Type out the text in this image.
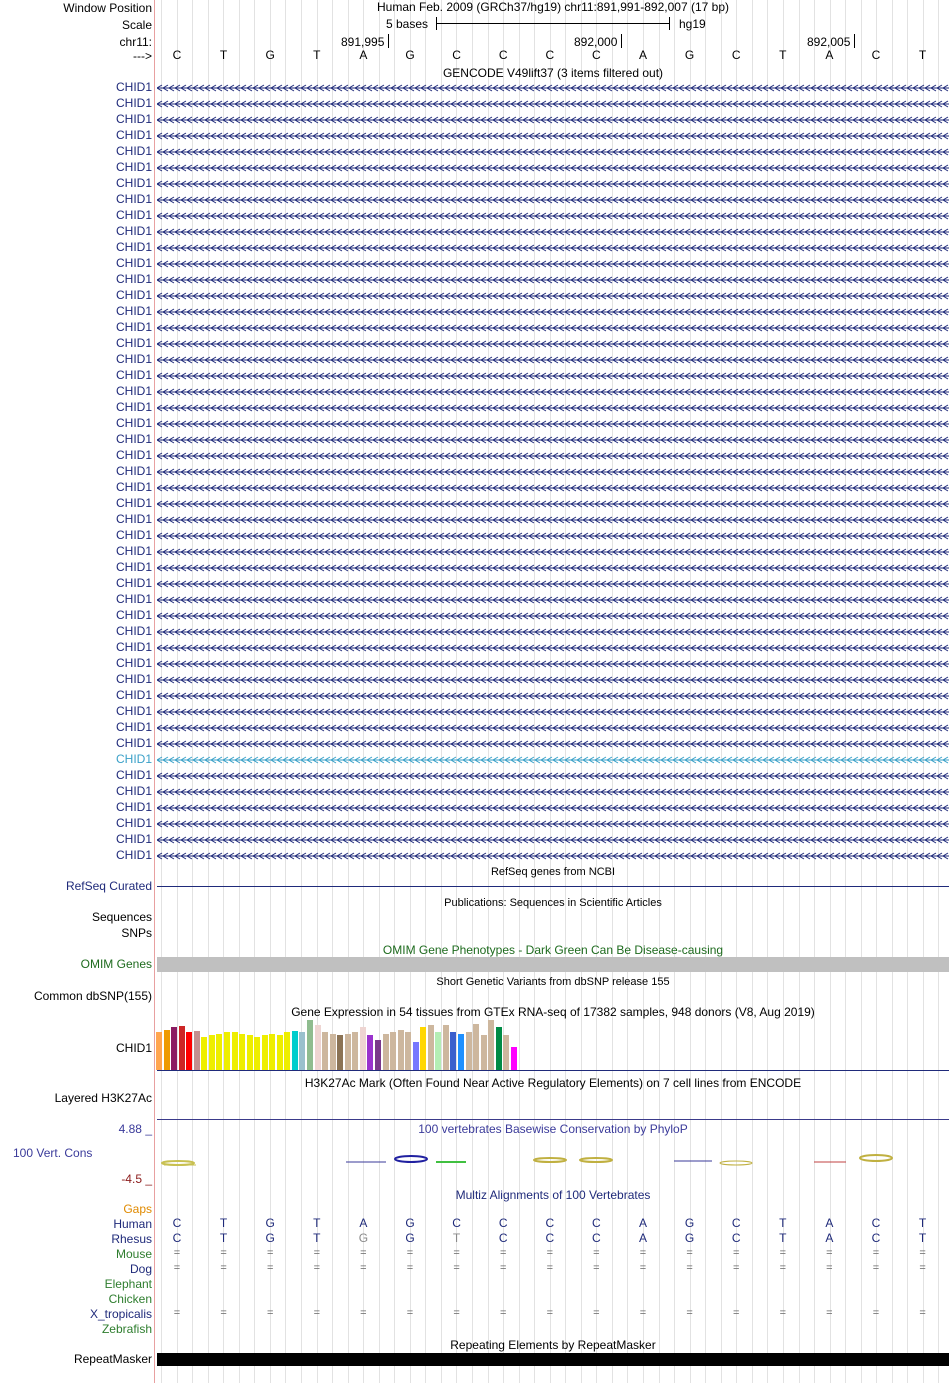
Window Position	Human Feb. 2009 (GRCh37/hg19) chr11:891,991-892,007 (17 bp)
Scale	5 bases	hg19
chr11:	891,995	892,000	892,005
--->	C	T	G	T	A	G	C	C	C	C	A	G	C	T	A	C	T
GENCODE V49lift37 (3 items filtered out)
CHID1
CHID1
CHID1
CHID1
CHID1
CHID1
CHID1
CHID1
CHID1
CHID1
CHID1
CHID1
CHID1
CHID1
CHID1
CHID1
CHID1
CHID1
CHID1
CHID1
CHID1
CHID1
CHID1
CHID1
CHID1
CHID1
CHID1
CHID1
CHID1
CHID1
CHID1
CHID1
CHID1
CHID1
CHID1
CHID1
CHID1
CHID1
CHID1
CHID1
CHID1
CHID1
CHID1
CHID1
CHID1
CHID1
CHID1
CHID1
CHID1
RefSeq genes from NCBI
RefSeq Curated
Publications: Sequences in Scientific Articles
Sequences
SNPs
OMIM Gene Phenotypes - Dark Green Can Be Disease-causing
OMIM Genes
Short Genetic Variants from dbSNP release 155
Common dbSNP(155)
Gene Expression in 54 tissues from GTEx RNA-seq of 17382 samples, 948 donors (V8, Aug 2019)
CHID1
H3K27Ac Mark (Often Found Near Active Regulatory Elements) on 7 cell lines from ENCODE
Layered H3K27Ac
100 vertebrates Basewise Conservation by PhyloP
4.88 _
100 Vert. Cons
-4.5 _
Multiz Alignments of 100 Vertebrates
Gaps
Human	C	T	G	T	A	G	C	C	C	C	A	G	C	T	A	C	T
Rhesus	C	T	G	T	G	G	T	C	C	C	A	G	C	T	A	C	T
Mouse	=	=	=	=	=	=	=	=	=	=	=	=	=	=	=	=	=
Dog	=	=	=	=	=	=	=	=	=	=	=	=	=	=	=	=	=
Elephant
Chicken
X_tropicalis	=	=	=	=	=	=	=	=	=	=	=	=	=	=	=	=	=
Zebrafish
Repeating Elements by RepeatMasker
RepeatMasker
